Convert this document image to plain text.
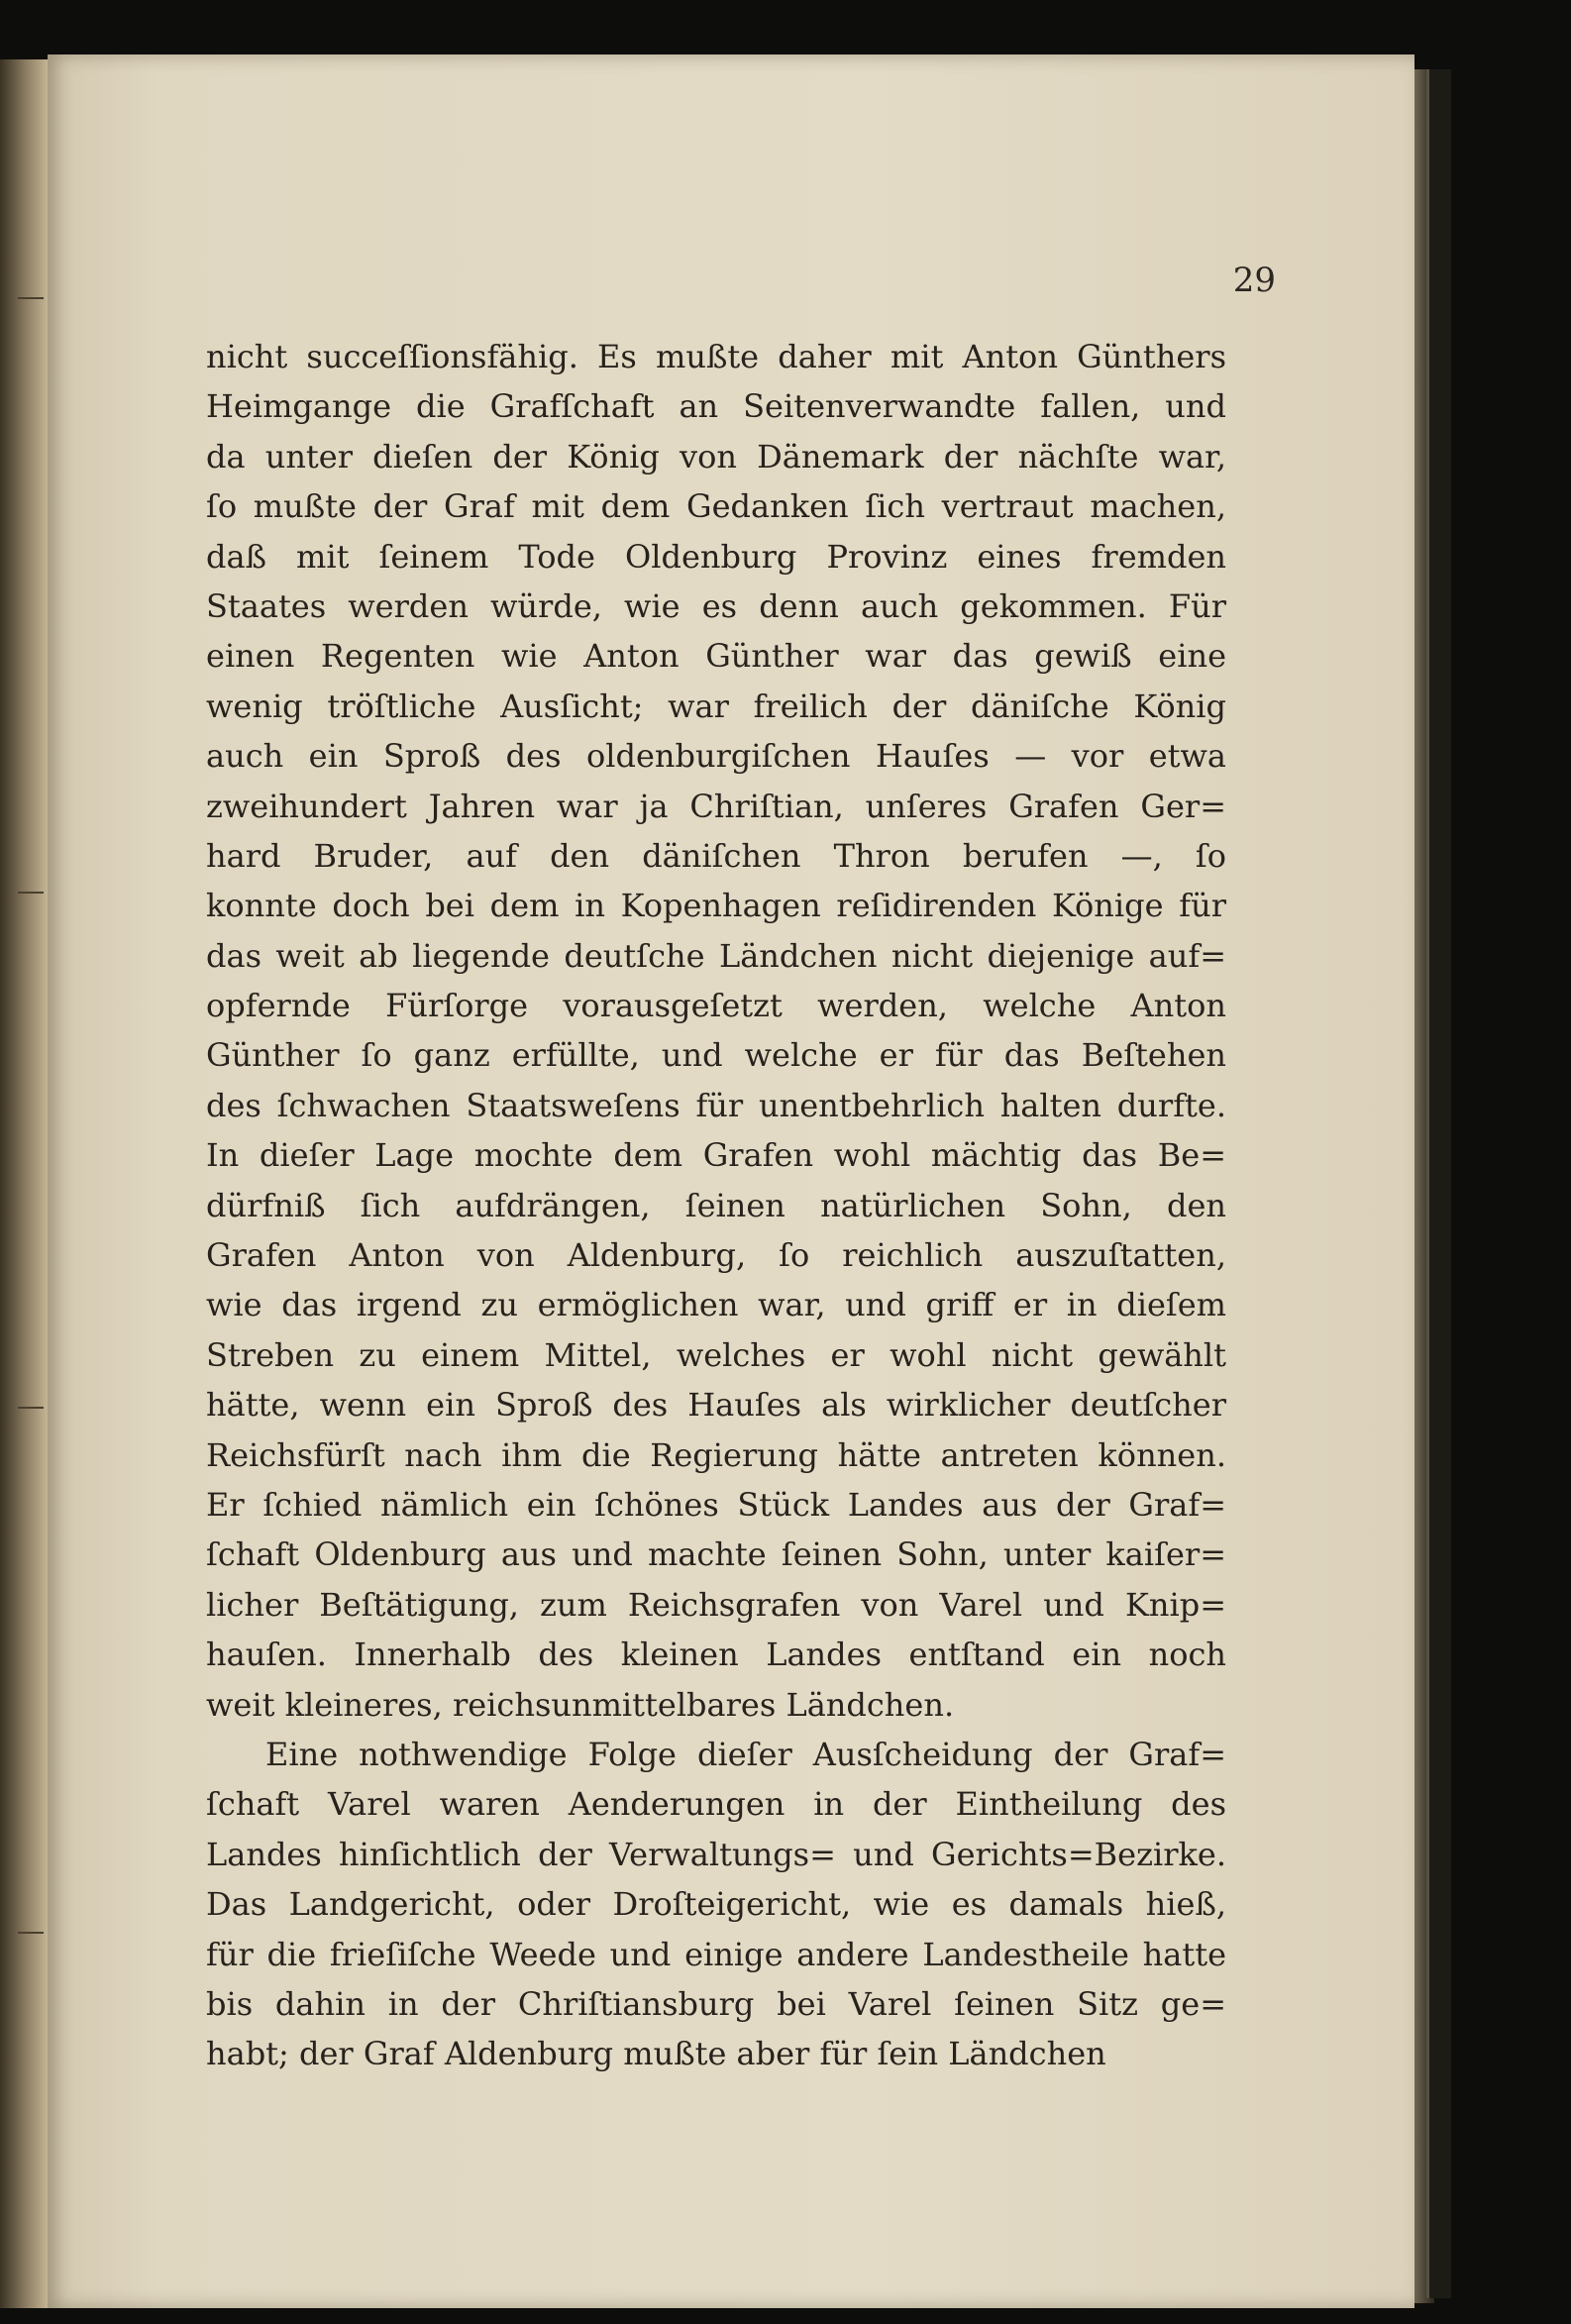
29
nicht succeſſionsfähig. Es mußte daher mit Anton Günthers
Heimgange die Grafſchaft an Seitenverwandte fallen, und
da unter dieſen der König von Dänemark der nächſte war,
ſo mußte der Graf mit dem Gedanken ſich vertraut machen,
daß mit ſeinem Tode Oldenburg Provinz eines fremden
Staates werden würde, wie es denn auch gekommen. Für
einen Regenten wie Anton Günther war das gewiß eine
wenig tröſtliche Ausſicht; war freilich der däniſche König
auch ein Sproß des oldenburgiſchen Hauſes — vor etwa
zweihundert Jahren war ja Chriſtian, unſeres Grafen Ger=
hard Bruder, auf den däniſchen Thron berufen —, ſo
konnte doch bei dem in Kopenhagen reſidirenden Könige für
das weit ab liegende deutſche Ländchen nicht diejenige auf=
opfernde Fürſorge vorausgeſetzt werden, welche Anton
Günther ſo ganz erfüllte, und welche er für das Beſtehen
des ſchwachen Staatsweſens für unentbehrlich halten durfte.
In dieſer Lage mochte dem Grafen wohl mächtig das Be=
dürfniß ſich aufdrängen, ſeinen natürlichen Sohn, den
Grafen Anton von Aldenburg, ſo reichlich auszuſtatten,
wie das irgend zu ermöglichen war, und griff er in dieſem
Streben zu einem Mittel, welches er wohl nicht gewählt
hätte, wenn ein Sproß des Hauſes als wirklicher deutſcher
Reichsfürſt nach ihm die Regierung hätte antreten können.
Er ſchied nämlich ein ſchönes Stück Landes aus der Graf=
ſchaft Oldenburg aus und machte ſeinen Sohn, unter kaiſer=
licher Beſtätigung, zum Reichsgrafen von Varel und Knip=
hauſen. Innerhalb des kleinen Landes entſtand ein noch
weit kleineres, reichsunmittelbares Ländchen.
Eine nothwendige Folge dieſer Ausſcheidung der Graf=
ſchaft Varel waren Aenderungen in der Eintheilung des
Landes hinſichtlich der Verwaltungs= und Gerichts=Bezirke.
Das Landgericht, oder Droſteigericht, wie es damals hieß,
für die frieſiſche Weede und einige andere Landestheile hatte
bis dahin in der Chriſtiansburg bei Varel ſeinen Sitz ge=
habt; der Graf Aldenburg mußte aber für ſein Ländchen
